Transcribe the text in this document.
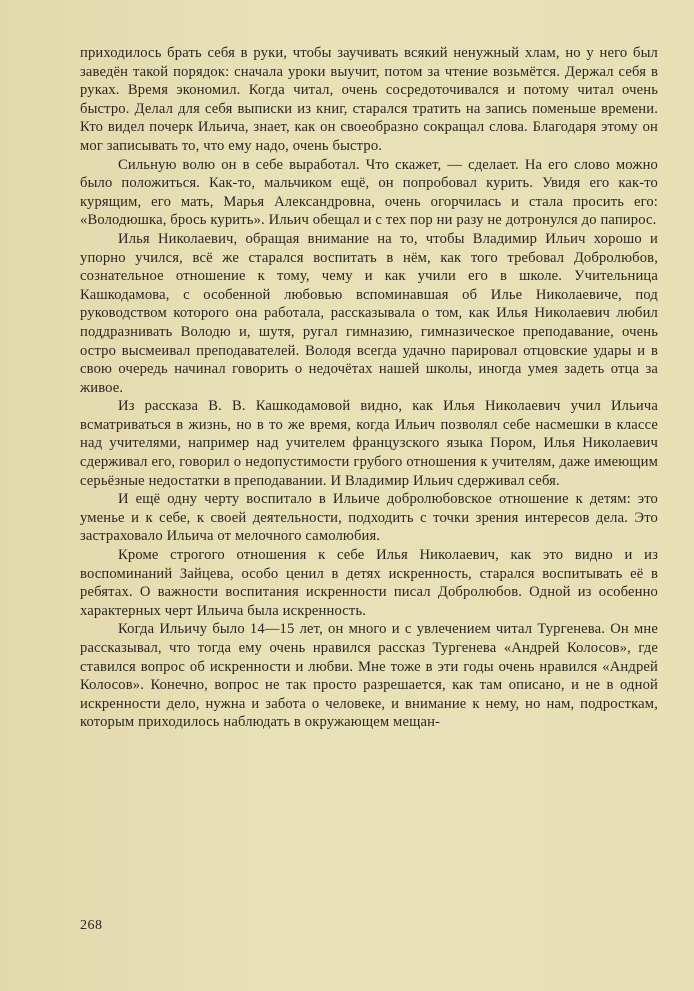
приходилось брать себя в руки, чтобы заучивать всякий ненужный хлам, но у него был заведён такой порядок: сначала уроки выучит, потом за чтение возьмётся. Держал себя в руках. Время экономил. Когда читал, очень сосредоточивался и потому читал очень быстро. Делал для себя выписки из книг, старался тратить на запись поменьше времени. Кто видел почерк Ильича, знает, как он своеобразно сокращал слова. Благодаря этому он мог записывать то, что ему надо, очень быстро.

Сильную волю он в себе выработал. Что скажет, — сделает. На его слово можно было положиться. Как-то, мальчиком ещё, он попробовал курить. Увидя его как-то курящим, его мать, Марья Александровна, очень огорчилась и стала просить его: «Володюшка, брось курить». Ильич обещал и с тех пор ни разу не дотронулся до папирос.

Илья Николаевич, обращая внимание на то, чтобы Владимир Ильич хорошо и упорно учился, всё же старался воспитать в нём, как того требовал Добролюбов, сознательное отношение к тому, чему и как учили его в школе. Учительница Кашкодамова, с особенной любовью вспоминавшая об Илье Николаевиче, под руководством которого она работала, рассказывала о том, как Илья Николаевич любил поддразнивать Володю и, шутя, ругал гимназию, гимназическое преподавание, очень остро высмеивал преподавателей. Володя всегда удачно парировал отцовские удары и в свою очередь начинал говорить о недочётах нашей школы, иногда умея задеть отца за живое.

Из рассказа В. В. Кашкодамовой видно, как Илья Николаевич учил Ильича всматриваться в жизнь, но в то же время, когда Ильич позволял себе насмешки в классе над учителями, например над учителем французского языка Пором, Илья Николаевич сдерживал его, говорил о недопустимости грубого отношения к учителям, даже имеющим серьёзные недостатки в преподавании. И Владимир Ильич сдерживал себя.

И ещё одну черту воспитало в Ильиче добролюбовское отношение к детям: это уменье и к себе, к своей деятельности, подходить с точки зрения интересов дела. Это застраховало Ильича от мелочного самолюбия.

Кроме строгого отношения к себе Илья Николаевич, как это видно и из воспоминаний Зайцева, особо ценил в детях искренность, старался воспитывать её в ребятах. О важности воспитания искренности писал Добролюбов. Одной из особенно характерных черт Ильича была искренность.

Когда Ильичу было 14—15 лет, он много и с увлечением читал Тургенева. Он мне рассказывал, что тогда ему очень нравился рассказ Тургенева «Андрей Колосов», где ставился вопрос об искренности и любви. Мне тоже в эти годы очень нравился «Андрей Колосов». Конечно, вопрос не так просто разрешается, как там описано, и не в одной искренности дело, нужна и забота о человеке, и внимание к нему, но нам, подросткам, которым приходилось наблюдать в окружающем мещан-

268
